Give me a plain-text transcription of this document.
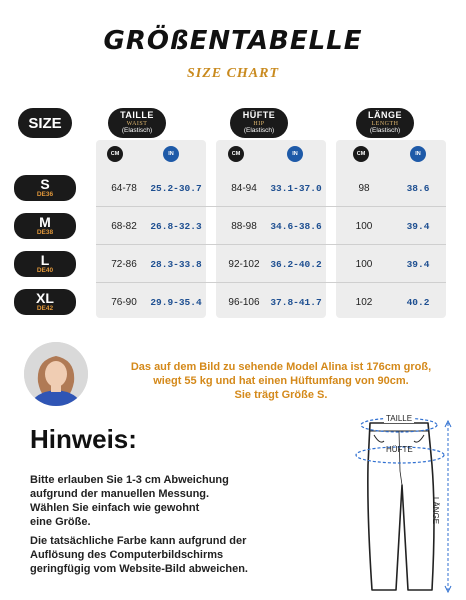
GRÖßENTABELLE
SIZE CHART
SIZE	TAILLE
WAIST
(Elastisch)
HÜFTE
HIP
(Elastisch)
LÄNGE
LENGTH
(Elastisch)
CM	IN	CM	IN	CM	IN
S
DE36
64-78	25.2-30.7	84-94	33.1-37.0	98	38.6
M
DE38
68-82	26.8-32.3	88-98	34.6-38.6	100	39.4
L
DE40
72-86	28.3-33.8	92-102	36.2-40.2	100	39.4
XL
DE42
76-90	29.9-35.4	96-106	37.8-41.7	102	40.2
Das auf dem Bild zu sehende Model Alina ist 176cm groß,
wiegt 55 kg und hat einen Hüftumfang von 90cm.
Sie trägt Größe S.
Hinweis:
Bitte erlauben Sie 1-3 cm Abweichung
aufgrund der manuellen Messung.
Wählen Sie einfach wie gewohnt
eine Größe.
Die tatsächliche Farbe kann aufgrund der
Auflösung des Computerbildschirms
geringfügig vom Website-Bild abweichen.
TAILLE
HÜFTE
LÄNGE
